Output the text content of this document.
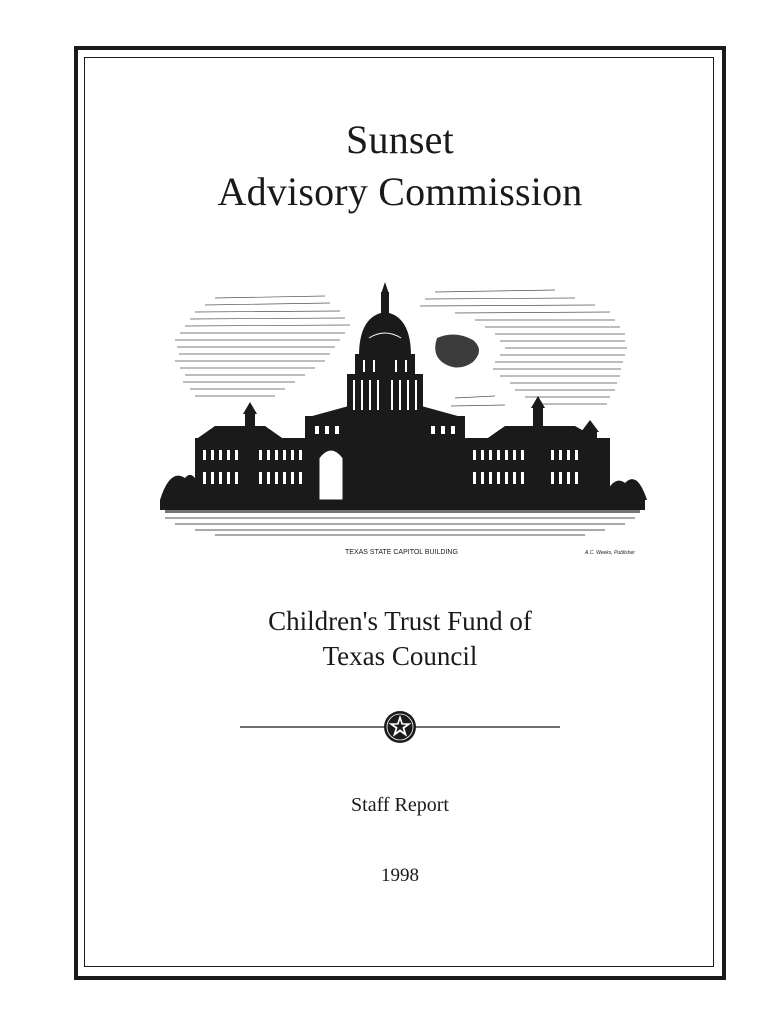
Sunset
Advisory Commission
TEXAS STATE CAPITOL BUILDING	A.C. Weeks, Publisher
Children's Trust Fund of
Texas Council
Staff Report
1998
